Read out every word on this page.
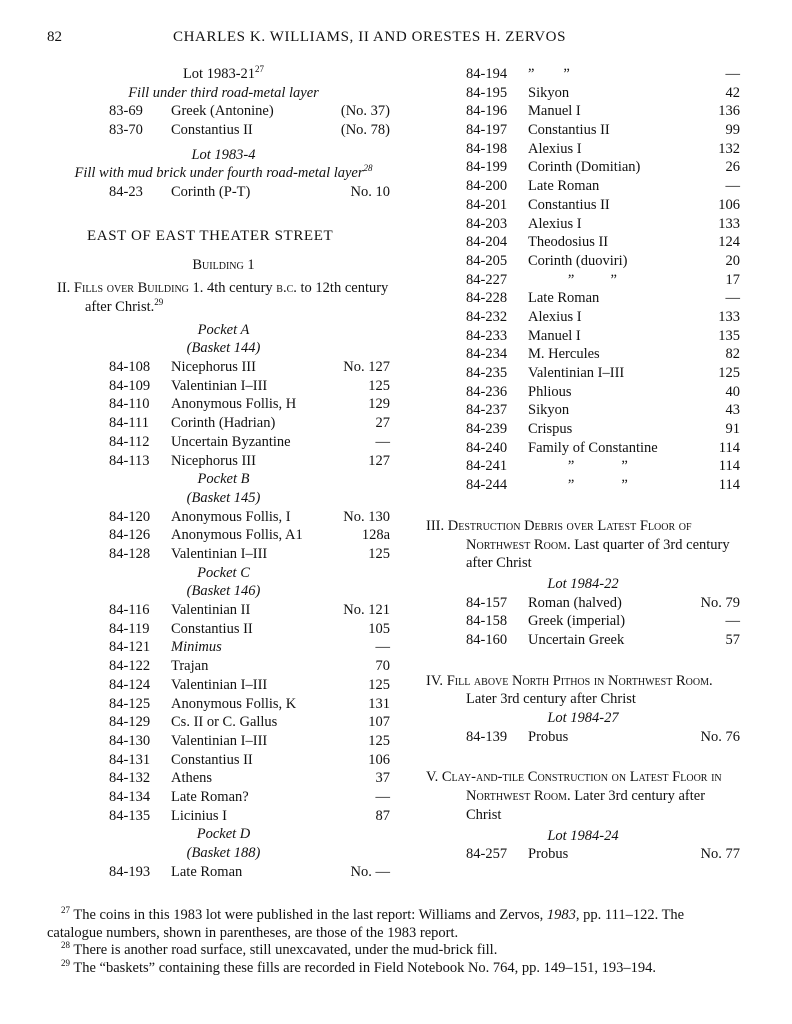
82	CHARLES K. WILLIAMS, II AND ORESTES H. ZERVOS
Lot $1983-21^{27}$
Fill under third road-metal layer
83-69 Greek (Antonine)	(No. 37)
83-70 Constantius II	(No. 78)
Lot 1983-4
Fill with mud brick under fourth road-metal layer$^{28}$
84-23 Corinth (P-T)	No. 10
EAST OF EAST THEATER STREET
Building 1
II. Fills over Building 1. 4th century b.c. to 12th century after Christ.$^{29}$
Pocket A
(Basket 144)
84-108 Nicephorus III	No. 127
84-109 Valentinian I–III	125
84-110 Anonymous Follis, H	129
84-111 Corinth (Hadrian)	27
84-112 Uncertain Byzantine	—
84-113 Nicephorus III	127
Pocket B
(Basket 145)
84-120 Anonymous Follis, I	No. 130
84-126 Anonymous Follis, A1	128a
84-128 Valentinian I–III	125
Pocket C
(Basket 146)
84-116 Valentinian II	No. 121
84-119 Constantius II	105
84-121 Minimus	—
84-122 Trajan	70
84-124 Valentinian I–III	125
84-125 Anonymous Follis, K	131
84-129 Cs. II or C. Gallus	107
84-130 Valentinian I–III	125
84-131 Constantius II	106
84-132 Athens	37
84-134 Late Roman?	—
84-135 Licinius I	87
Pocket D
(Basket 188)
84-193 Late Roman	No. —
84-194 ”        ”	—
84-195 Sikyon	42
84-196 Manuel I	136
84-197 Constantius II	99
84-198 Alexius I	132
84-199 Corinth (Domitian)	26
84-200 Late Roman	—
84-201 Constantius II	106
84-203 Alexius I	133
84-204 Theodosius II	124
84-205 Corinth (duoviri)	20
84-227 ”          ”	17
84-228 Late Roman	—
84-232 Alexius I	133
84-233 Manuel I	135
84-234 M. Hercules	82
84-235 Valentinian I–III	125
84-236 Phlious	40
84-237 Sikyon	43
84-239 Crispus	91
84-240 Family of Constantine	114
84-241 ”             ”	114
84-244 ”             ”	114
III. Destruction Debris over Latest Floor of Northwest Room. Last quarter of 3rd century after Christ
Lot 1984-22
84-157 Roman (halved)	No. 79
84-158 Greek (imperial)	—
84-160 Uncertain Greek	57
IV. Fill above North Pithos in Northwest Room. Later 3rd century after Christ
Lot 1984-27
84-139 Probus	No. 76
V. Clay-and-tile Construction on Latest Floor in Northwest Room. Later 3rd century after Christ
Lot 1984-24
84-257 Probus	No. 77

$^{27}$ The coins in this 1983 lot were published in the last report: Williams and Zervos, 1983, pp. 111–122. The catalogue numbers, shown in parentheses, are those of the 1983 report.

$^{28}$ There is another road surface, still unexcavated, under the mud-brick fill.

$^{29}$ The “baskets” containing these fills are recorded in Field Notebook No. 764, pp. 149–151, 193–194.
